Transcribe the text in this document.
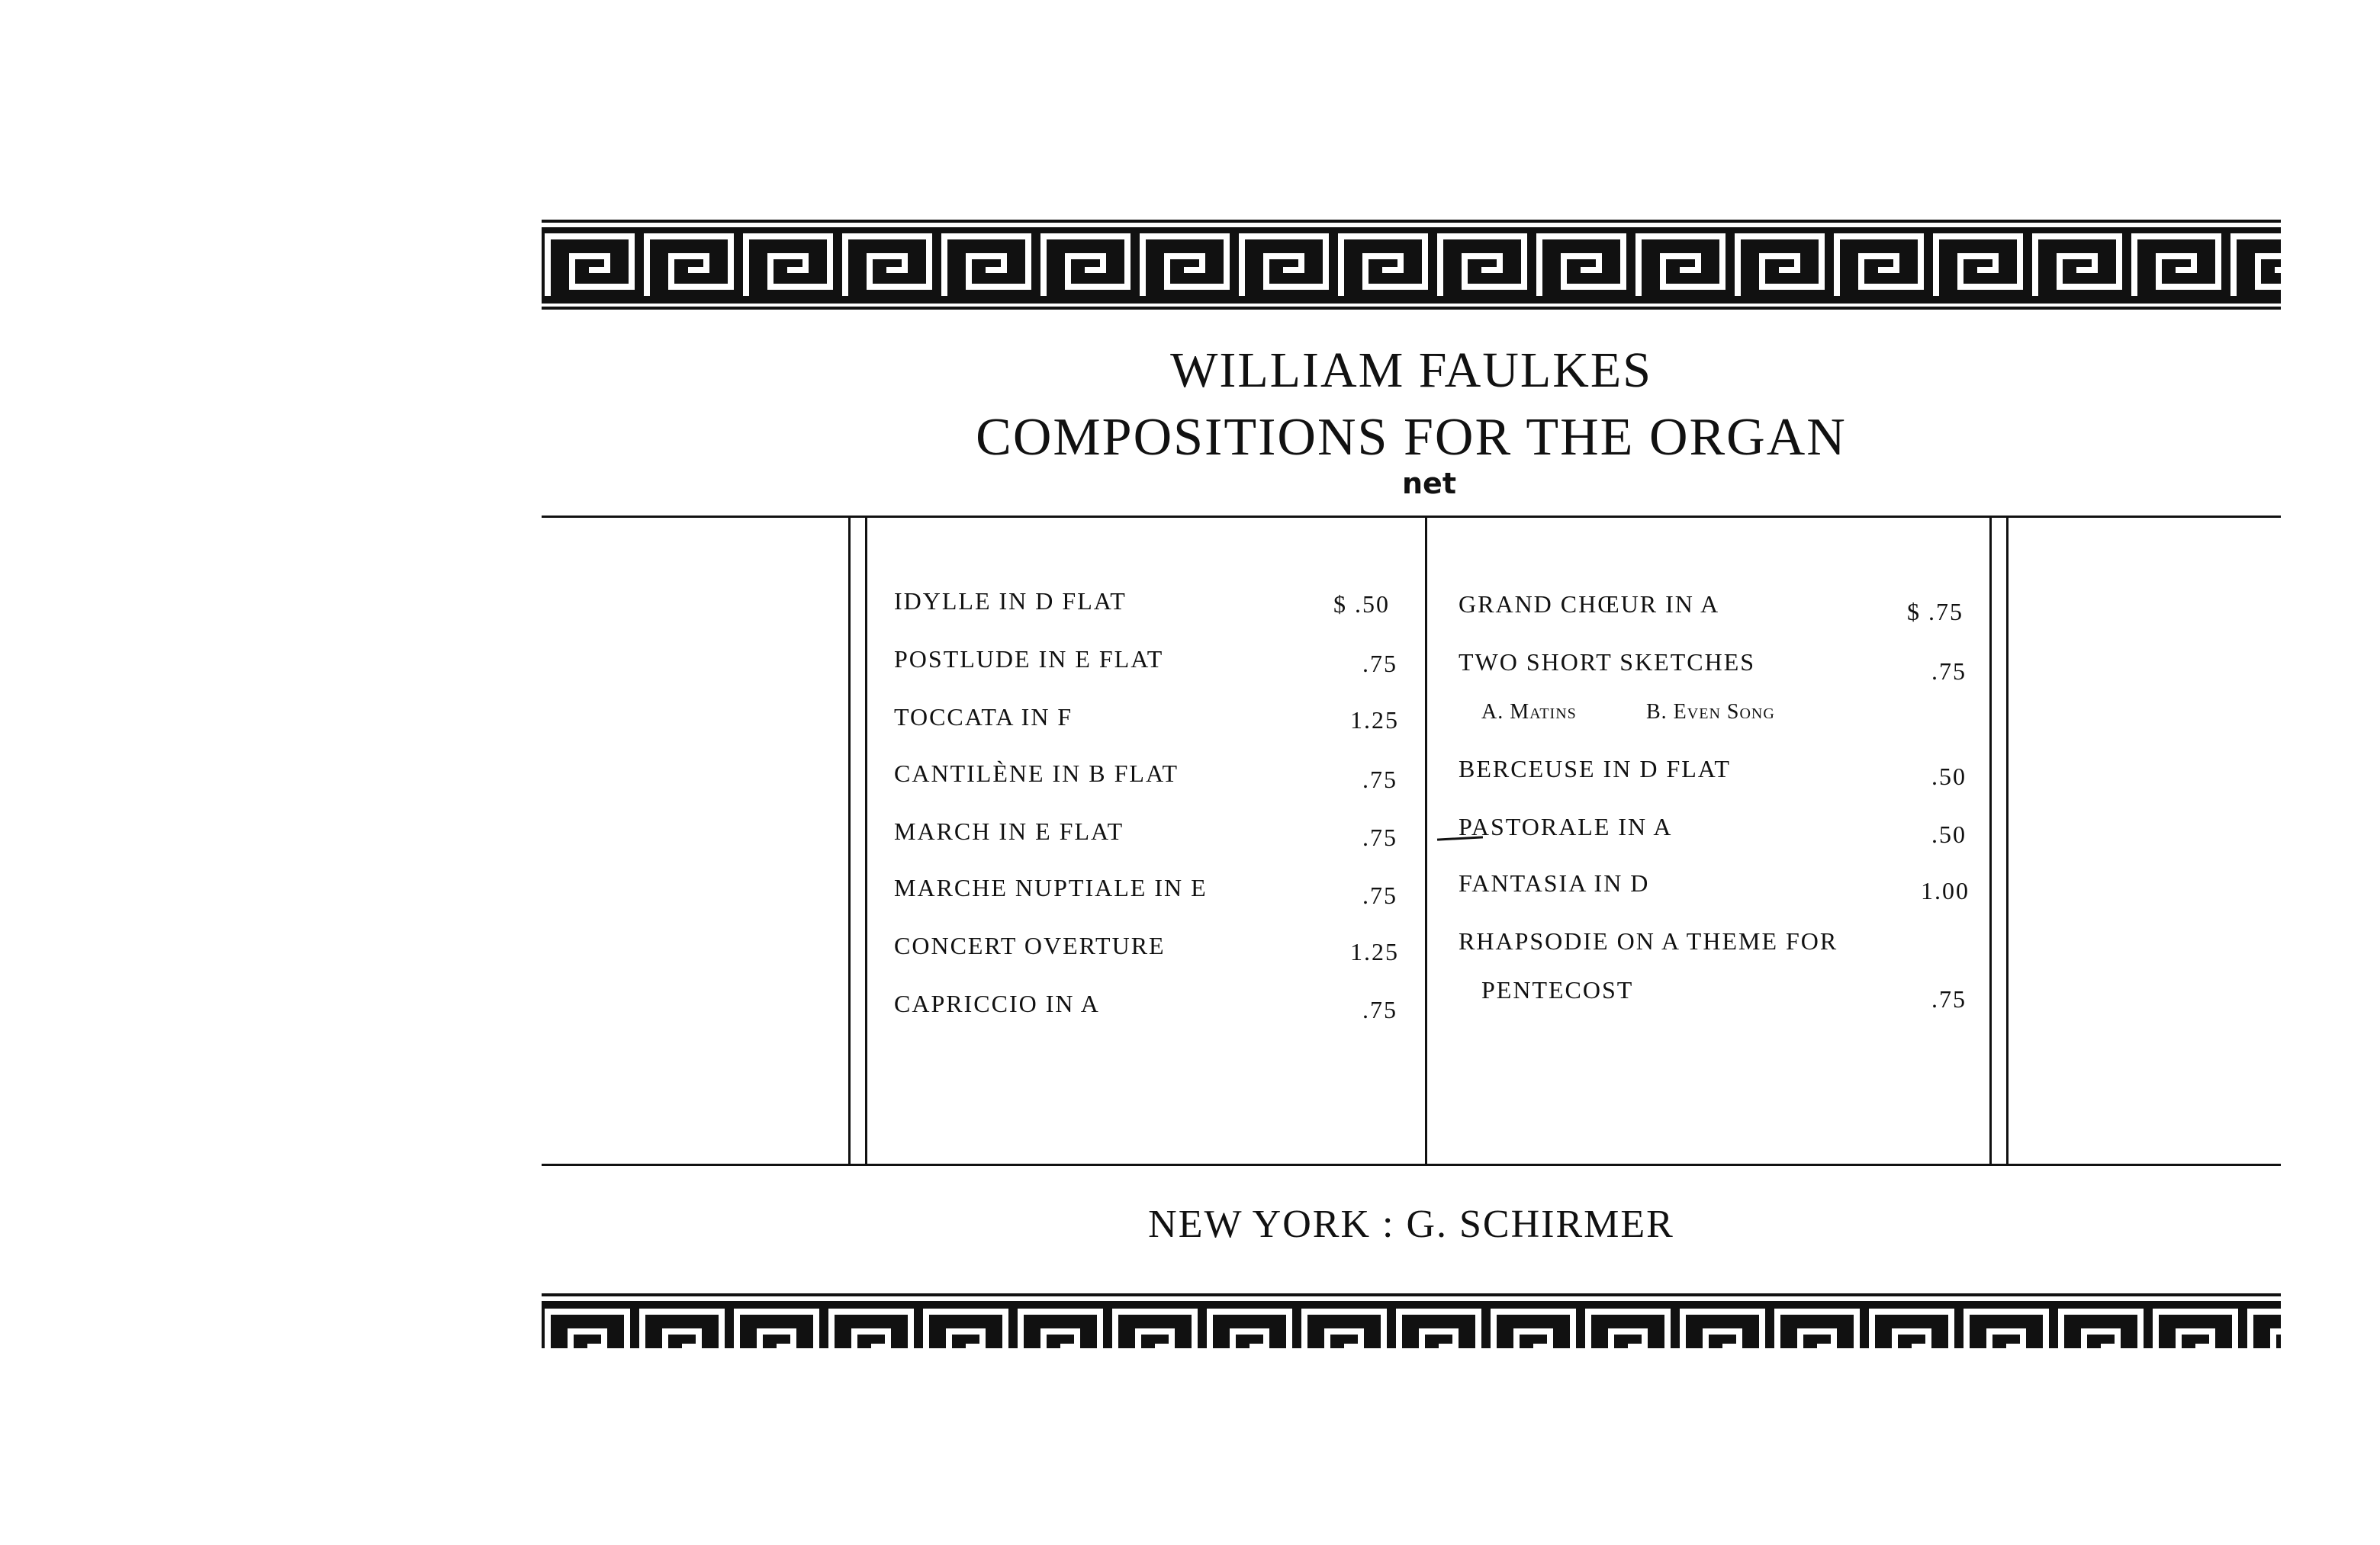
WILLIAM FAULKES
COMPOSITIONS FOR THE ORGAN
net
IDYLLE IN D FLAT	$ .50
POSTLUDE IN E FLAT	.75
TOCCATA IN F	1.25
CANTILÈNE IN B FLAT	.75
MARCH IN E FLAT	.75
MARCHE NUPTIALE IN E	.75
CONCERT OVERTURE	1.25
CAPRICCIO IN A	.75
GRAND CHŒUR IN A	$ .75
TWO SHORT SKETCHES	.75
A. Matins	B. Even Song
BERCEUSE IN D FLAT	.50
PASTORALE IN A	.50
FANTASIA IN D	1.00
RHAPSODIE ON A THEME FOR
PENTECOST	.75
NEW YORK : G. SCHIRMER
